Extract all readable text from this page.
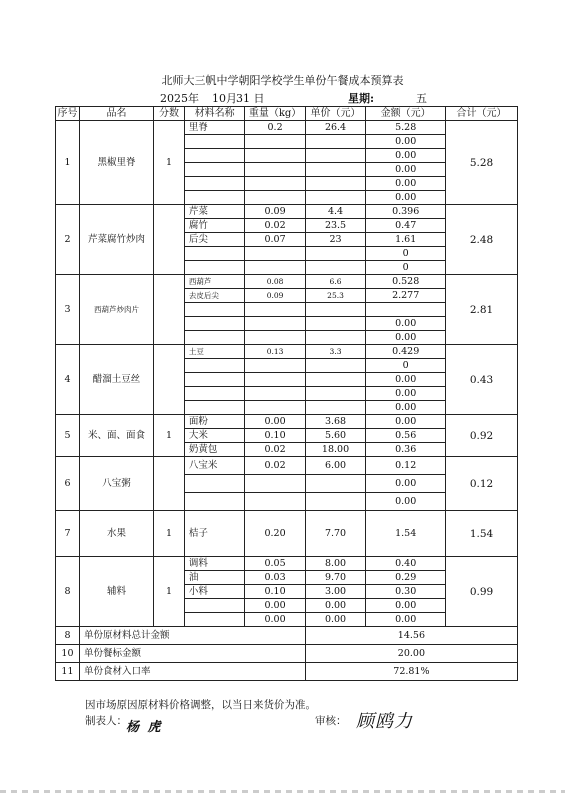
北师大三帆中学朝阳学校学生单份午餐成本预算表
2025年 10月 31 日	星期:	五
序号	品名	分数	材料名称	重量（kg）	单价（元）	金额（元）	合计（元）
1	黑椒里脊	1	里脊	0.2	26.4	5.28	5.28
						0.00	
						0.00	
						0.00	
						0.00	
						0.00	
2	芹菜腐竹炒肉		芹菜	0.09	4.4	0.396	2.48
			腐竹	0.02	23.5	0.47	
			后尖	0.07	23	1.61	
						0	
						0	
3	西葫芦炒肉片		西葫芦	0.08	6.6	0.528	2.81
			去皮后尖	0.09	25.3	2.277	

						0.00	
						0.00	
4	醋溜土豆丝		土豆	0.13	3.3	0.429	0.43
						0	
						0.00	
						0.00	
						0.00	
5	米、面、面食	1	面粉	0.00	3.68	0.00	0.92
			大米	0.10	5.60	0.56	
			奶黄包	0.02	18.00	0.36	
6	八宝粥		八宝米	0.02	6.00	0.12	0.12
						0.00	
						0.00	
7	水果	1	桔子	0.20	7.70	1.54	1.54
8	辅料	1	调料	0.05	8.00	0.40	0.99
			油	0.03	9.70	0.29	
			小料	0.10	3.00	0.30	
				0.00	0.00	0.00	
				0.00	0.00	0.00	
8	单份原材料总计金额				14.56		
10	单份餐标金额				20.00		
11	单份食材入口率				72.81%		
因市场原因原材料价格调整，以当日来货价为准。
制表人： 杨 虎	审核： 顾鸥力
